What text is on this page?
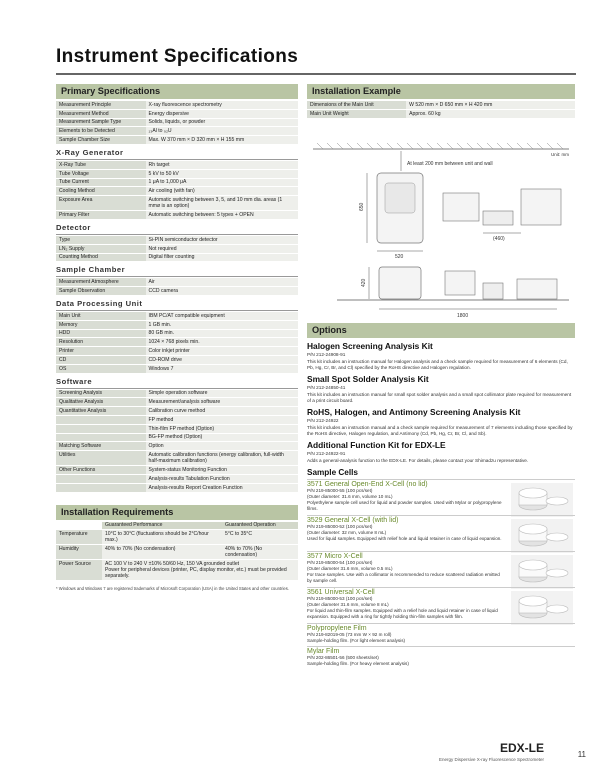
Instrument Specifications
Primary Specifications
Measurement Principle	X-ray fluorescence spectrometry
Measurement Method	Energy dispersive
Measurement Sample Type	Solids, liquids, or powder
Elements to be Detected	₁₃Al to ₉₂U
Sample Chamber Size	Max. W 370 mm × D 320 mm × H 155 mm
X-Ray Generator
X-Ray Tube	Rh target
Tube Voltage	5 kV to 50 kV
Tube Current	1 μA to 1,000 μA
Cooling Method	Air cooling (with fan)
Exposure Area	Automatic switching between 3, 5, and 10 mm dia. areas (1 mmø is an option)
Primary Filter	Automatic switching between: 5 types + OPEN
Detector
Type	Si-PIN semiconductor detector
LN₂ Supply	Not required
Counting Method	Digital filter counting
Sample Chamber
Measurement Atmosphere	Air
Sample Observation	CCD camera
Data Processing Unit
Main Unit	IBM PC/AT compatible equipment
Memory	1 GB min.
HDD	80 GB min.
Resolution	1024 × 768 pixels min.
Printer	Color inkjet printer
CD	CD-ROM drive
OS	Windows 7
Software
Screening Analysis	Simple operation software
Qualitative Analysis	Measurement/analysis software
Quantitative Analysis	Calibration curve method
	FP method
	Thin-film FP method (Option)
	BG-FP method (Option)
Matching Software	Option
Utilities	Automatic calibration functions (energy calibration, full-width half-maximum calibration)
Other Functions	System-status Monitoring Function
	Analysis-results Tabulation Function
	Analysis-results Report Creation Function
Installation Requirements
	Guaranteed Performance	Guaranteed Operation
Temperature	10°C to 30°C (fluctuations should be 2°C/hour max.)	5°C to 35°C
Humidity	40% to 70% (No condensation)	40% to 70% (No condensation)
Power Source	AC 100 V to 240 V ±10% 50/60 Hz, 150 VA grounded outlet
Power for peripheral devices (printer, PC, display monitor, etc.) must be provided separately.	
* Windows and Windows 7 are registered trademarks of Microsoft Corporation (USA) in the United States and other countries.
Installation Example
Dimensions of the Main Unit	W 520 mm × D 650 mm × H 420 mm
Main Unit Weight	Approx. 60 kg
Unit: mm
At least 200 mm between unit and wall
650
520
(460)
420
1800
Options
Halogen Screening Analysis Kit
P/N 212-24908-91
This kit includes an instruction manual for Halogen analysis and a check sample required for measurement of 6 elements (Cd, Pb, Hg, Cr, Br, and Cl) specified by the RoHS directive and Halogen regulation.
Small Spot Solder Analysis Kit
P/N 212-24850-41
This kit includes an instruction manual for small spot solder analysis and a small spot collimator plate required for measurement of a print circuit board.
RoHS, Halogen, and Antimony Screening Analysis Kit
P/N 212-24922
This kit includes an instruction manual and a check sample required for measurement of 7 elements including those specified by the RoHS directive, Halogen regulation, and Antimony (Cd, Pb, Hg, Cr, Br, Cl, and Sb).
Additional Function Kit for EDX-LE
P/N 212-24922-91
Adds a general-analysis function to the EDX-LE. For details, please contact your Shimadzu representative.
Sample Cells
3571 General Open-End X-Cell (no lid)
P/N 219-85000-55 (100 pcs/set)
(Outer diameter: 31.6 mm, volume 10 mL)
Polyethylene sample cell used for liquid and powder samples. Used with Mylar or polypropylene films.
3529 General X-Cell (with lid)
P/N 219-85000-52 (100 pcs/set)
(Outer diameter: 32 mm, volume 8 mL)
Used for liquid samples. Equipped with relief hole and liquid retainer in case of liquid expansion.
3577 Micro X-Cell
P/N 219-85000-54 (100 pcs/set)
(Outer diameter 31.6 mm, volume 0.5 mL)
For trace samples. Use with a collimator is recommended to reduce scattered radiation emitted by sample cell.
3561 Universal X-Cell
P/N 219-85000-53 (100 pcs/set)
(Outer diameter 31.6 mm, volume 8 mL)
For liquid and thin-film samples. Equipped with a relief hole and liquid retainer in case of liquid expansion. Equipped with a ring for tightly holding thin-film samples with film.
Polypropylene Film
P/N 219-82019-05 (73 mm W × 92 m roll)
Sample-holding film. (For light element analysis)
Mylar Film
P/N 202-86501-56 (500 sheets/set)
Sample-holding film. (For heavy element analysis)
EDX-LE
Energy Dispersive X-ray Fluorescence Spectrometer
11
